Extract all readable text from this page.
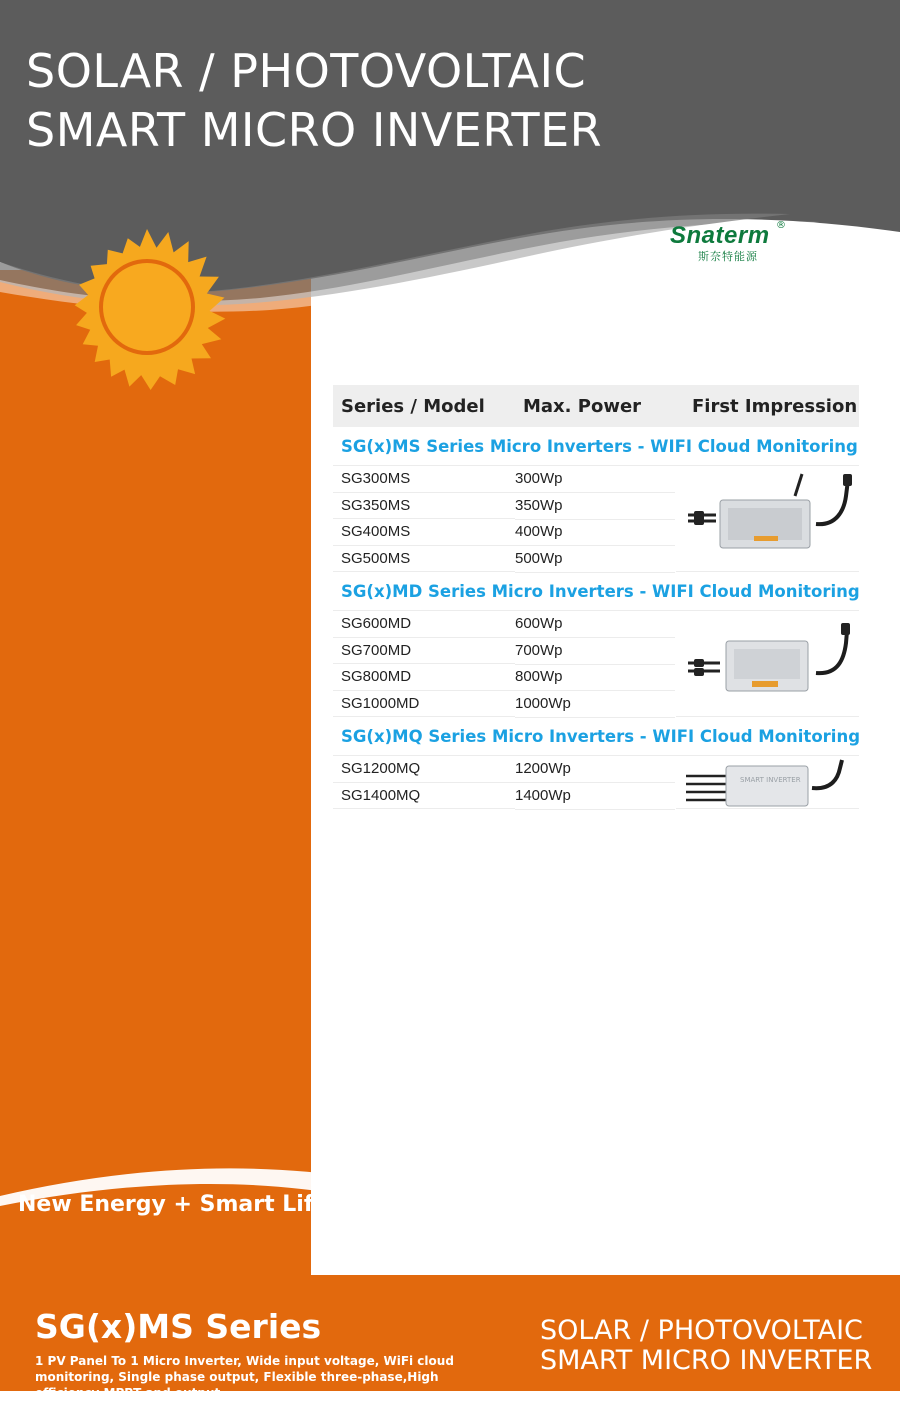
SOLAR / PHOTOVOLTAIC
SMART MICRO INVERTER
Snaterm ®
斯奈特能源
Series / Model	Max. Power	First Impression
SG(x)MS Series Micro Inverters - WIFI Cloud Monitoring
SG300MS	300Wp
SG350MS	350Wp
SG400MS	400Wp
SG500MS	500Wp
SG(x)MD Series Micro Inverters - WIFI Cloud Monitoring
SG600MD	600Wp
SG700MD	700Wp
SG800MD	800Wp
SG1000MD	1000Wp
SG(x)MQ Series Micro Inverters - WIFI Cloud Monitoring
SG1200MQ	1200Wp
SG1400MQ	1400Wp
SMART INVERTER
New Energy + Smart Life
SG(x)MS Series
1 PV Panel To 1 Micro Inverter, Wide input voltage, WiFi cloud monitoring, Single phase output, Flexible three-phase,High efficiency MPPT and output,
SOLAR / PHOTOVOLTAIC
SMART MICRO INVERTER
